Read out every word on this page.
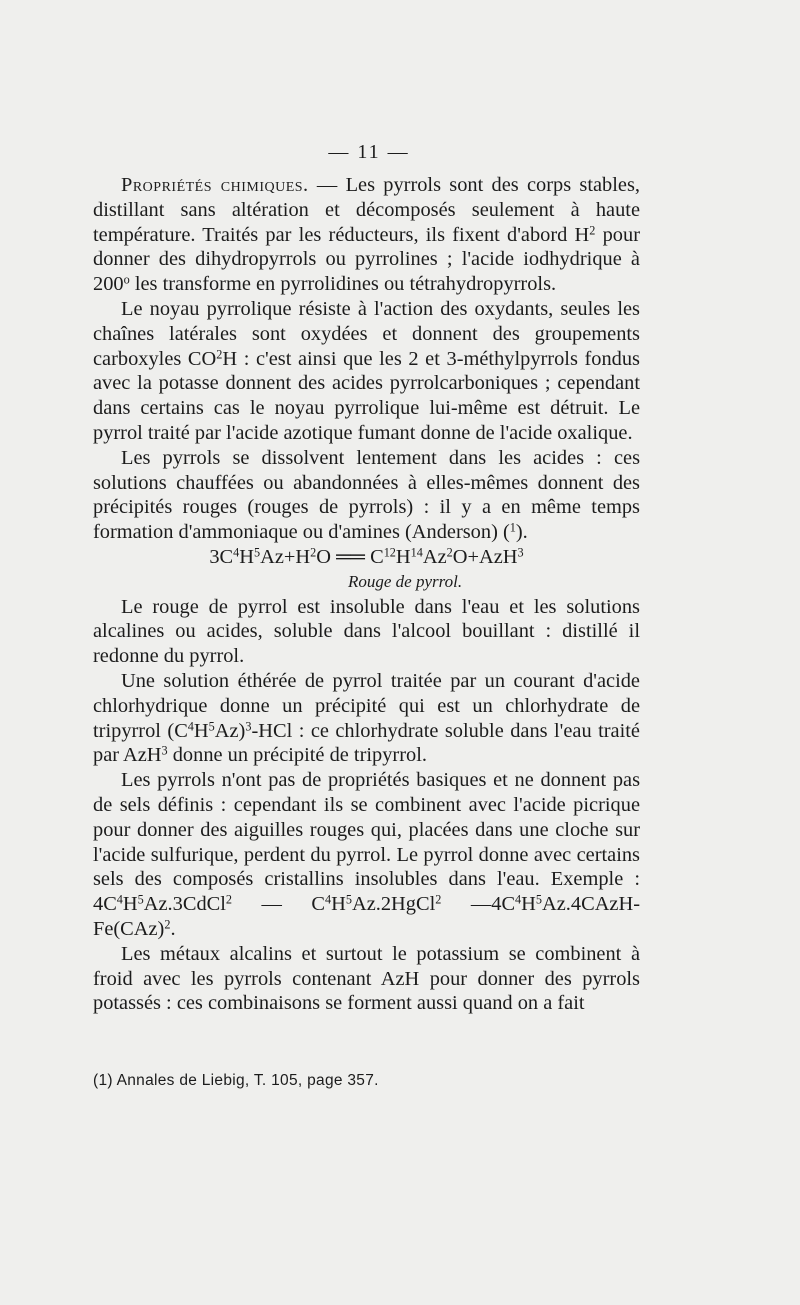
— 11 —

Propriétés chimiques. — Les pyrrols sont des corps stables, distillant sans altération et décomposés seulement à haute température. Traités par les réducteurs, ils fixent d'abord $H^2$ pour donner des dihydropyrrols ou pyrrolines ; l'acide iodhydrique à 200$^o$ les transforme en pyrrolidines ou tétrahydropyrrols.

Le noyau pyrrolique résiste à l'action des oxydants, seules les chaînes latérales sont oxydées et donnent des groupements carboxyles $CO^2H$ : c'est ainsi que les 2 et 3-méthylpyrrols fondus avec la potasse donnent des acides pyrrolcarboniques ; cependant dans certains cas le noyau pyrrolique lui-même est détruit. Le pyrrol traité par l'acide azotique fumant donne de l'acide oxalique.

Les pyrrols se dissolvent lentement dans les acides : ces solutions chauffées ou abandonnées à elles-mêmes donnent des précipités rouges (rouges de pyrrols) : il y a en même temps formation d'ammoniaque ou d'amines (Anderson) ($^1$).

$3C^4H^5Az+H^2O$ ══ $C^{12}H^{14}Az^2O+AzH^3$

Rouge de pyrrol.

Le rouge de pyrrol est insoluble dans l'eau et les solutions alcalines ou acides, soluble dans l'alcool bouillant : distillé il redonne du pyrrol.

Une solution éthérée de pyrrol traitée par un courant d'acide chlorhydrique donne un précipité qui est un chlorhydrate de tripyrrol $(C^4H^5Az)^3$-HCl : ce chlorhydrate soluble dans l'eau traité par AzH$^3$ donne un précipité de tripyrrol.

Les pyrrols n'ont pas de propriétés basiques et ne donnent pas de sels définis : cependant ils se combinent avec l'acide picrique pour donner des aiguilles rouges qui, placées dans une cloche sur l'acide sulfurique, perdent du pyrrol. Le pyrrol donne avec certains sels des composés cristallins insolubles dans l'eau. Exemple : $4C^4H^5Az.3CdCl^2$ — $C^4H^5Az.2HgCl^2$ $—4C^4H^5Az.4CAzH-Fe(CAz)^2$.

Les métaux alcalins et surtout le potassium se combinent à froid avec les pyrrols contenant AzH pour donner des pyrrols potassés : ces combinaisons se forment aussi quand on a fait

(1) Annales de Liebig, T. 105, page 357.
